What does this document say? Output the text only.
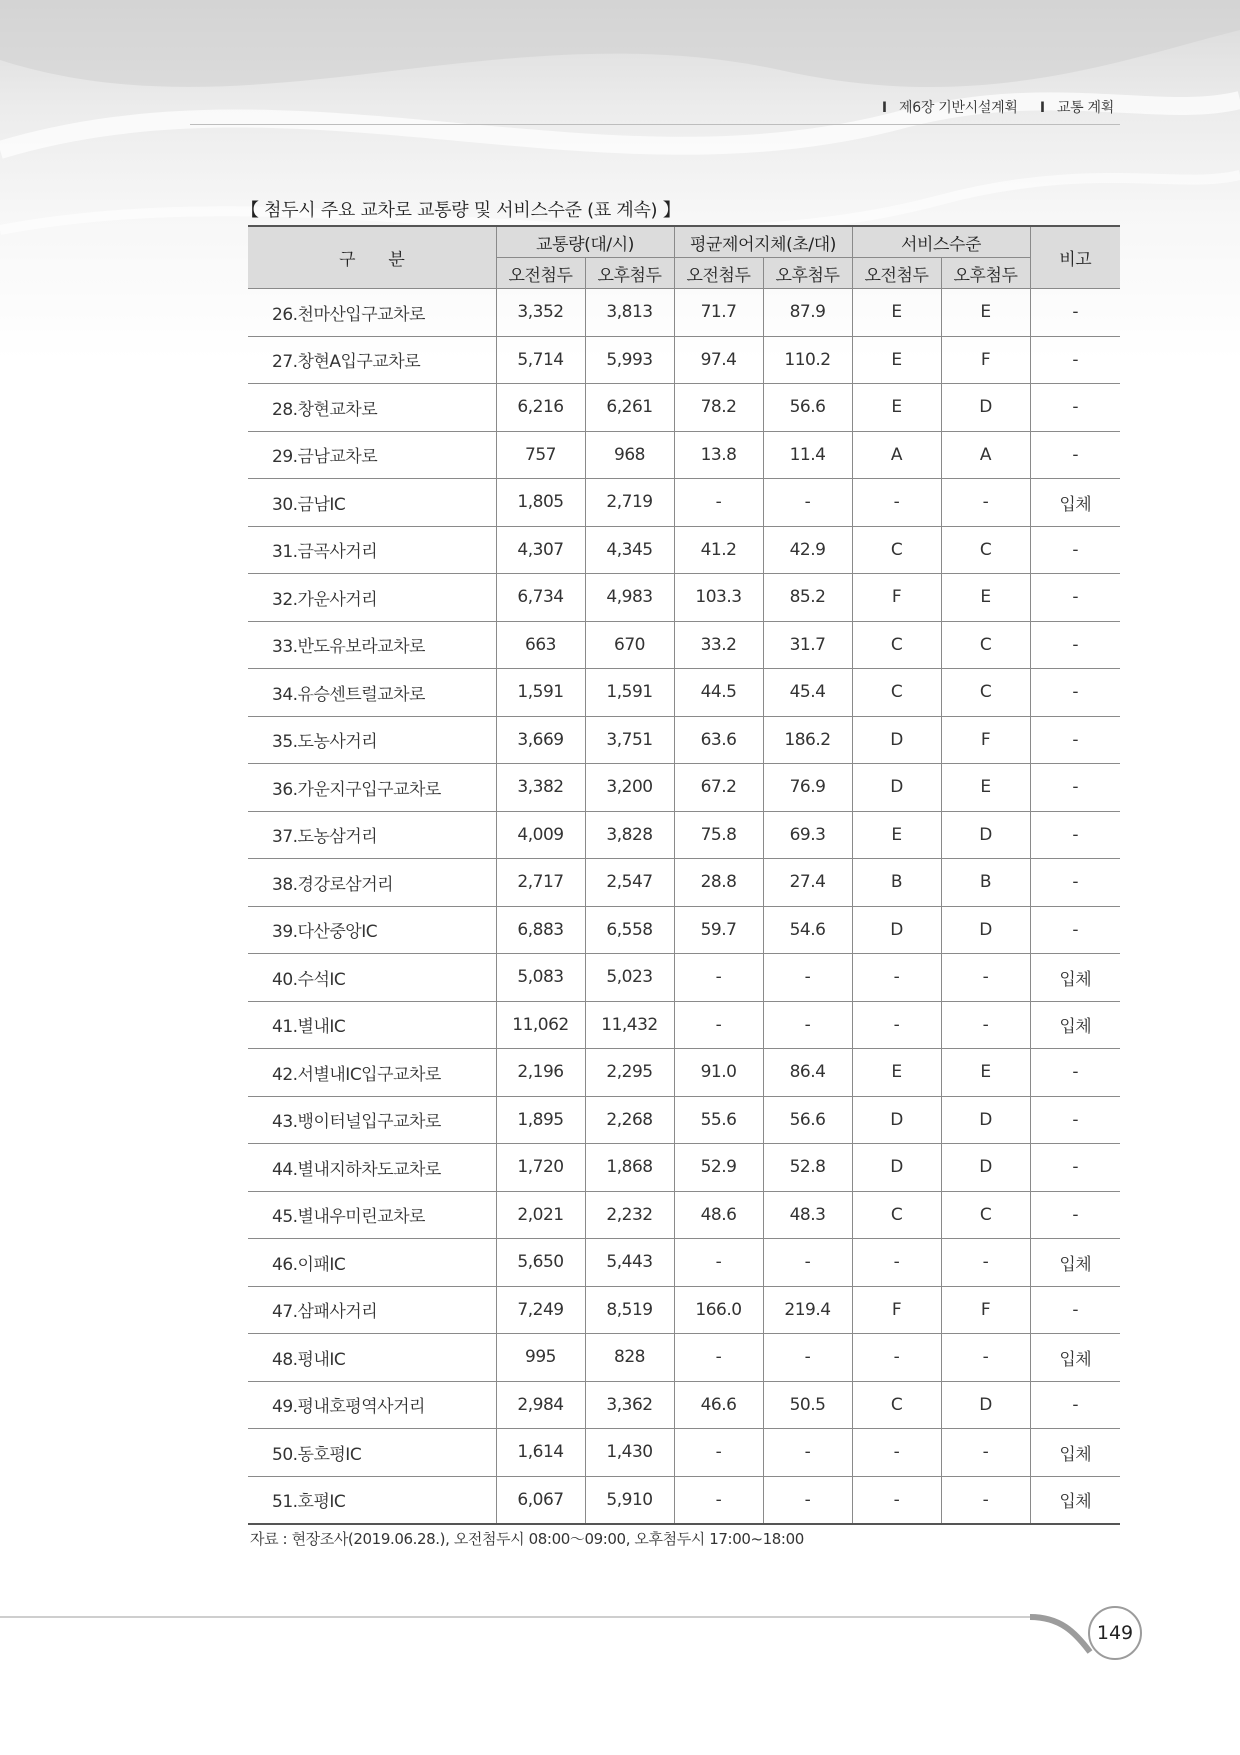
I 제6장 기반시설계획 I 교통 계획
【 첨두시 주요 교차로 교통량 및 서비스수준 (표 계속) 】
구　　분	교통량(대/시)		평균제어지체(초/대)		서비스수준		비고
	오전첨두	오후첨두	오전첨두	오후첨두	오전첨두	오후첨두	
26.천마산입구교차로	3,352	3,813	71.7	87.9	E	E	-
27.창현A입구교차로	5,714	5,993	97.4	110.2	E	F	-
28.창현교차로	6,216	6,261	78.2	56.6	E	D	-
29.금남교차로	757	968	13.8	11.4	A	A	-
30.금남IC	1,805	2,719	-	-	-	-	입체
31.금곡사거리	4,307	4,345	41.2	42.9	C	C	-
32.가운사거리	6,734	4,983	103.3	85.2	F	E	-
33.반도유보라교차로	663	670	33.2	31.7	C	C	-
34.유승센트럴교차로	1,591	1,591	44.5	45.4	C	C	-
35.도농사거리	3,669	3,751	63.6	186.2	D	F	-
36.가운지구입구교차로	3,382	3,200	67.2	76.9	D	E	-
37.도농삼거리	4,009	3,828	75.8	69.3	E	D	-
38.경강로삼거리	2,717	2,547	28.8	27.4	B	B	-
39.다산중앙IC	6,883	6,558	59.7	54.6	D	D	-
40.수석IC	5,083	5,023	-	-	-	-	입체
41.별내IC	11,062	11,432	-	-	-	-	입체
42.서별내IC입구교차로	2,196	2,295	91.0	86.4	E	E	-
43.뱅이터널입구교차로	1,895	2,268	55.6	56.6	D	D	-
44.별내지하차도교차로	1,720	1,868	52.9	52.8	D	D	-
45.별내우미린교차로	2,021	2,232	48.6	48.3	C	C	-
46.이패IC	5,650	5,443	-	-	-	-	입체
47.삼패사거리	7,249	8,519	166.0	219.4	F	F	-
48.평내IC	995	828	-	-	-	-	입체
49.평내호평역사거리	2,984	3,362	46.6	50.5	C	D	-
50.동호평IC	1,614	1,430	-	-	-	-	입체
51.호평IC	6,067	5,910	-	-	-	-	입체
자료 : 현장조사(2019.06.28.), 오전첨두시 08:00～09:00, 오후첨두시 17:00~18:00
149
